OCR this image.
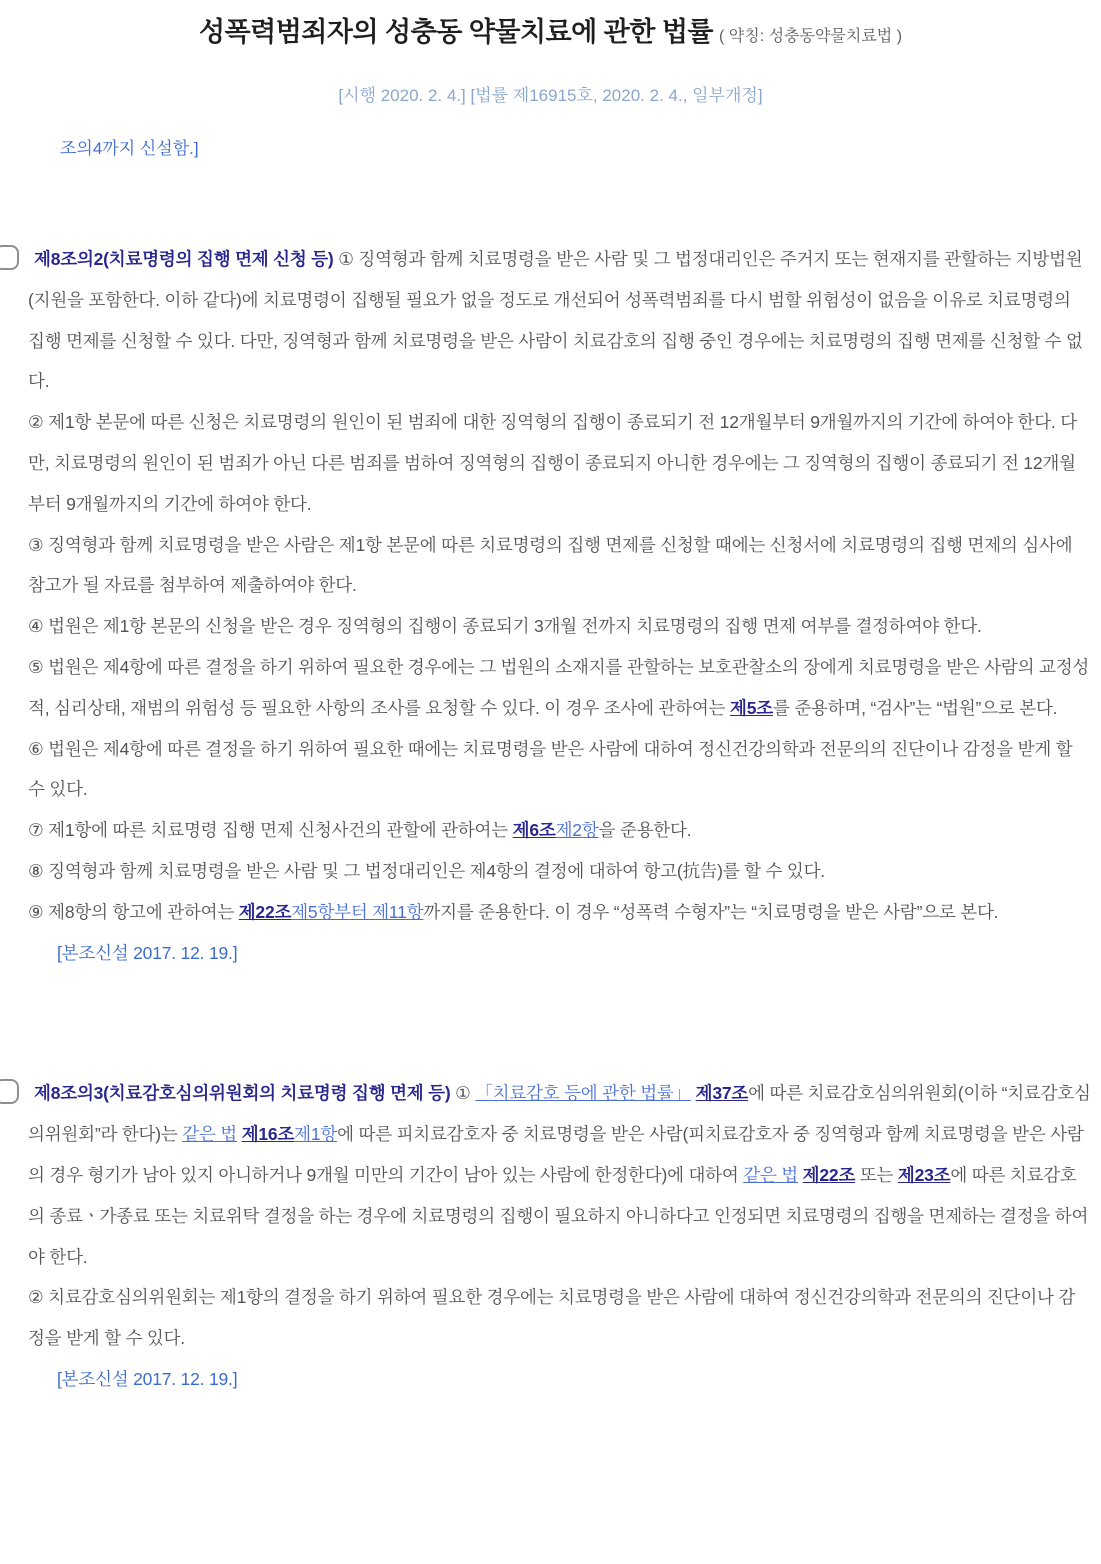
성폭력범죄자의 성충동 약물치료에 관한 법률 ( 약칭: 성충동약물치료법 )
[시행 2020. 2. 4.] [법률 제16915호, 2020. 2. 4., 일부개정]
조의4까지 신설함.]

제8조의2(치료명령의 집행 면제 신청 등) ① 징역형과 함께 치료명령을 받은 사람 및 그 법정대리인은 주거지 또는 현재지를 관할하는 지방법원(지원을 포함한다. 이하 같다)에 치료명령이 집행될 필요가 없을 정도로 개선되어 성폭력범죄를 다시 범할 위험성이 없음을 이유로 치료명령의 집행 면제를 신청할 수 있다. 다만, 징역형과 함께 치료명령을 받은 사람이 치료감호의 집행 중인 경우에는 치료명령의 집행 면제를 신청할 수 없다.

② 제1항 본문에 따른 신청은 치료명령의 원인이 된 범죄에 대한 징역형의 집행이 종료되기 전 12개월부터 9개월까지의 기간에 하여야 한다. 다만, 치료명령의 원인이 된 범죄가 아닌 다른 범죄를 범하여 징역형의 집행이 종료되지 아니한 경우에는 그 징역형의 집행이 종료되기 전 12개월부터 9개월까지의 기간에 하여야 한다.

③ 징역형과 함께 치료명령을 받은 사람은 제1항 본문에 따른 치료명령의 집행 면제를 신청할 때에는 신청서에 치료명령의 집행 면제의 심사에 참고가 될 자료를 첨부하여 제출하여야 한다.

④ 법원은 제1항 본문의 신청을 받은 경우 징역형의 집행이 종료되기 3개월 전까지 치료명령의 집행 면제 여부를 결정하여야 한다.

⑤ 법원은 제4항에 따른 결정을 하기 위하여 필요한 경우에는 그 법원의 소재지를 관할하는 보호관찰소의 장에게 치료명령을 받은 사람의 교정성적, 심리상태, 재범의 위험성 등 필요한 사항의 조사를 요청할 수 있다. 이 경우 조사에 관하여는 제5조를 준용하며, “검사”는 “법원”으로 본다.

⑥ 법원은 제4항에 따른 결정을 하기 위하여 필요한 때에는 치료명령을 받은 사람에 대하여 정신건강의학과 전문의의 진단이나 감정을 받게 할 수 있다.

⑦ 제1항에 따른 치료명령 집행 면제 신청사건의 관할에 관하여는 제6조제2항을 준용한다.

⑧ 징역형과 함께 치료명령을 받은 사람 및 그 법정대리인은 제4항의 결정에 대하여 항고(抗告)를 할 수 있다.

⑨ 제8항의 항고에 관하여는 제22조제5항부터 제11항까지를 준용한다. 이 경우 “성폭력 수형자”는 “치료명령을 받은 사람”으로 본다.

[본조신설 2017. 12. 19.]

제8조의3(치료감호심의위원회의 치료명령 집행 면제 등) ① 「치료감호 등에 관한 법률」 제37조에 따른 치료감호심의위원회(이하 “치료감호심의위원회”라 한다)는 같은 법 제16조제1항에 따른 피치료감호자 중 치료명령을 받은 사람(피치료감호자 중 징역형과 함께 치료명령을 받은 사람의 경우 형기가 남아 있지 아니하거나 9개월 미만의 기간이 남아 있는 사람에 한정한다)에 대하여 같은 법 제22조 또는 제23조에 따른 치료감호의 종료ㆍ가종료 또는 치료위탁 결정을 하는 경우에 치료명령의 집행이 필요하지 아니하다고 인정되면 치료명령의 집행을 면제하는 결정을 하여야 한다.

② 치료감호심의위원회는 제1항의 결정을 하기 위하여 필요한 경우에는 치료명령을 받은 사람에 대하여 정신건강의학과 전문의의 진단이나 감정을 받게 할 수 있다.

[본조신설 2017. 12. 19.]
